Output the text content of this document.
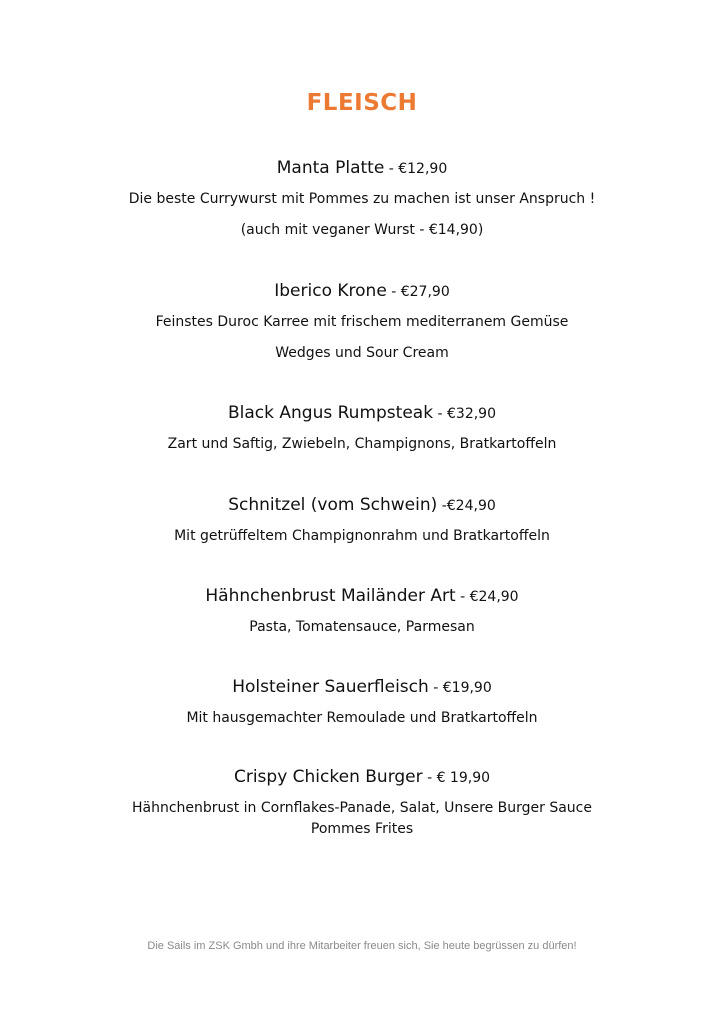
FLEISCH
Manta Platte - €12,90
Die beste Currywurst mit Pommes zu machen ist unser Anspruch !
(auch mit veganer Wurst - €14,90)
Iberico Krone - €27,90
Feinstes Duroc Karree mit frischem mediterranem Gemüse
Wedges und Sour Cream
Black Angus Rumpsteak - €32,90
Zart und Saftig, Zwiebeln, Champignons, Bratkartoffeln
Schnitzel (vom Schwein) -€24,90
Mit getrüffeltem Champignonrahm und Bratkartoffeln
Hähnchenbrust Mailänder Art - €24,90
Pasta, Tomatensauce, Parmesan
Holsteiner Sauerfleisch - €19,90
Mit hausgemachter Remoulade und Bratkartoffeln
Crispy Chicken Burger - € 19,90
Hähnchenbrust in Cornflakes-Panade, Salat, Unsere Burger Sauce
Pommes Frites
Die Sails im ZSK Gmbh und ihre Mitarbeiter freuen sich, Sie heute begrüssen zu dürfen!
